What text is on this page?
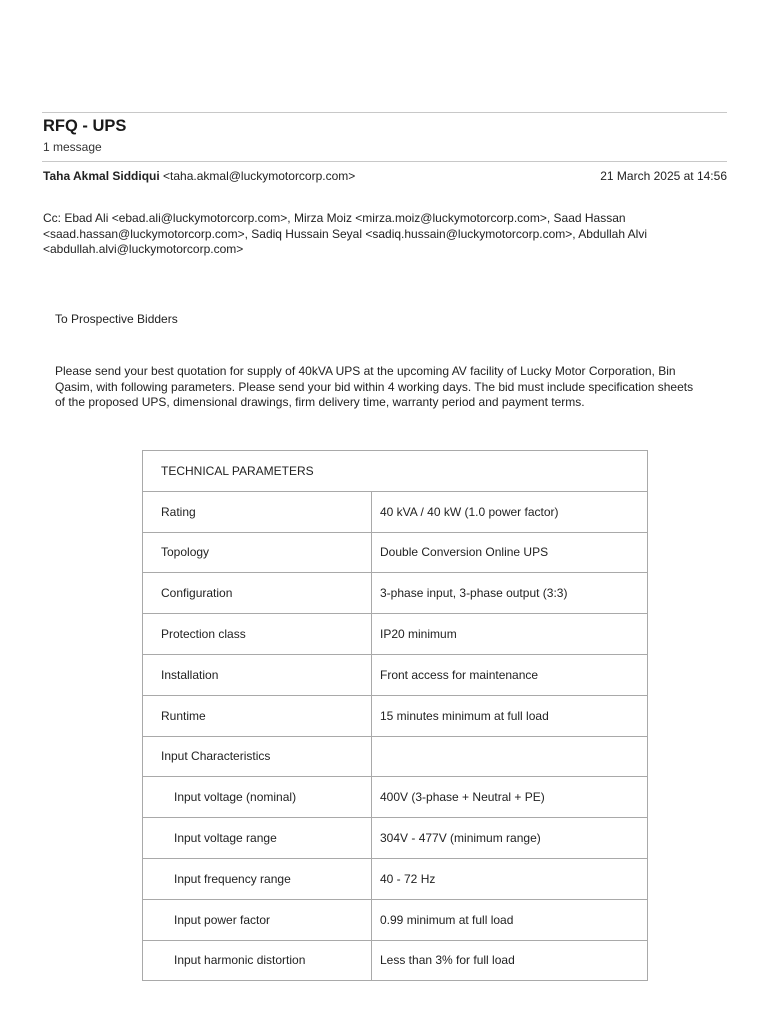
RFQ - UPS
1 message
Taha Akmal Siddiqui <taha.akmal@luckymotorcorp.com>	21 March 2025 at 14:56
Cc: Ebad Ali <ebad.ali@luckymotorcorp.com>, Mirza Moiz <mirza.moiz@luckymotorcorp.com>, Saad Hassan
<saad.hassan@luckymotorcorp.com>, Sadiq Hussain Seyal <sadiq.hussain@luckymotorcorp.com>, Abdullah Alvi
<abdullah.alvi@luckymotorcorp.com>
To Prospective Bidders
Please send your best quotation for supply of 40kVA UPS at the upcoming AV facility of Lucky Motor Corporation, Bin
Qasim, with following parameters. Please send your bid within 4 working days. The bid must include specification sheets
of the proposed UPS, dimensional drawings, firm delivery time, warranty period and payment terms.
TECHNICAL PARAMETERS	
Rating	40 kVA / 40 kW (1.0 power factor)
Topology	Double Conversion Online UPS
Configuration	3-phase input, 3-phase output (3:3)
Protection class	IP20 minimum
Installation	Front access for maintenance
Runtime	15 minutes minimum at full load
Input Characteristics	
Input voltage (nominal)	400V (3-phase + Neutral + PE)
Input voltage range	304V - 477V (minimum range)
Input frequency range	40 - 72 Hz
Input power factor	0.99 minimum at full load
Input harmonic distortion	Less than 3% for full load
